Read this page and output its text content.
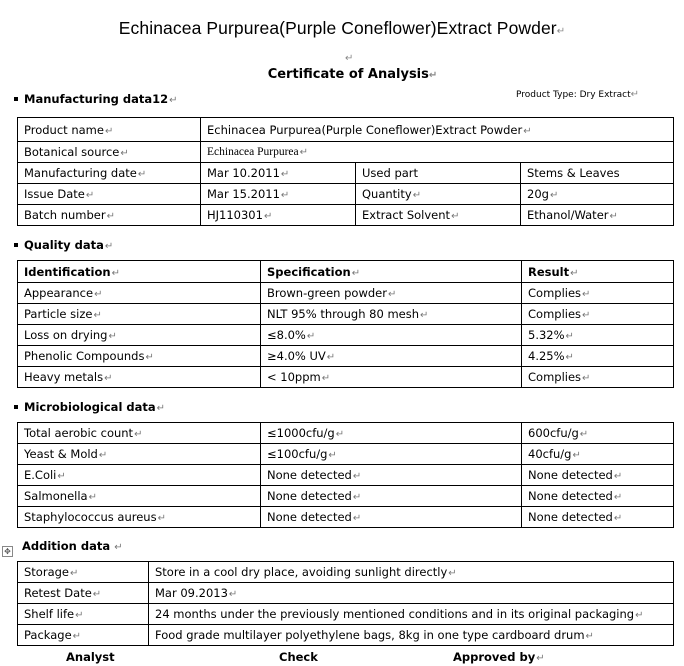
Echinacea Purpurea(Purple Coneflower)Extract Powder↵
↵
Certificate of Analysis↵
Product Type: Dry Extract↵
Manufacturing data12↵
Product name↵	Echinacea Purpurea(Purple Coneflower)Extract Powder↵		
Botanical source↵	Echinacea Purpurea↵		
Manufacturing date↵	Mar 10.2011↵	Used part	Stems & Leaves
Issue Date↵	Mar 15.2011↵	Quantity↵	20g↵
Batch number↵	HJ110301↵	Extract Solvent↵	Ethanol/Water↵
Quality data↵
Identification↵	Specification↵	Result↵
Appearance↵	Brown-green powder↵	Complies↵
Particle size↵	NLT 95% through 80 mesh↵	Complies↵
Loss on drying↵	≤8.0%↵	5.32%↵
Phenolic Compounds↵	≥4.0% UV↵	4.25%↵
Heavy metals↵	< 10ppm↵	Complies↵
Microbiological data↵
Total aerobic count↵	≤1000cfu/g↵	600cfu/g↵
Yeast & Mold↵	≤100cfu/g↵	40cfu/g↵
E.Coli↵	None detected↵	None detected↵
Salmonella↵	None detected↵	None detected↵
Staphylococcus aureus↵	None detected↵	None detected↵
✥ Addition data ↵
Storage↵	Store in a cool dry place, avoiding sunlight directly↵
Retest Date↵	Mar 09.2013↵
Shelf life↵	24 months under the previously mentioned conditions and in its original packaging↵
Package↵	Food grade multilayer polyethylene bags, 8kg in one type cardboard drum↵
Analyst	Check	Approved by↵
